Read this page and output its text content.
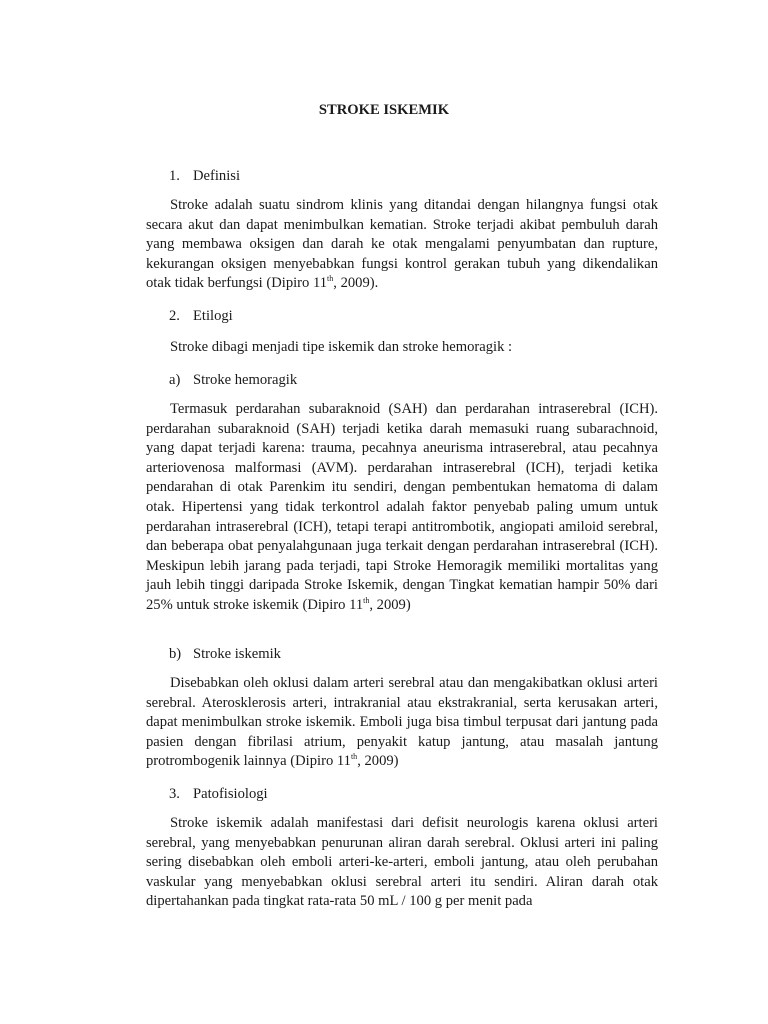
STROKE ISKEMIK
1. Definisi

Stroke adalah suatu sindrom klinis yang ditandai dengan hilangnya fungsi otak secara akut dan dapat menimbulkan kematian. Stroke terjadi akibat pembuluh darah yang membawa oksigen dan darah ke otak mengalami penyumbatan dan rupture, kekurangan oksigen menyebabkan fungsi kontrol gerakan tubuh yang dikendalikan otak tidak berfungsi (Dipiro 11th, 2009).

2. Etilogi

Stroke dibagi menjadi tipe iskemik dan stroke hemoragik :

a) Stroke hemoragik

Termasuk perdarahan subaraknoid (SAH) dan perdarahan intraserebral (ICH). perdarahan subaraknoid (SAH) terjadi ketika darah memasuki ruang subarachnoid, yang dapat terjadi karena: trauma, pecahnya aneurisma intraserebral, atau pecahnya arteriovenosa malformasi (AVM). perdarahan intraserebral (ICH), terjadi ketika pendarahan di otak Parenkim itu sendiri, dengan pembentukan hematoma di dalam otak. Hipertensi yang tidak terkontrol adalah faktor penyebab paling umum untuk perdarahan intraserebral (ICH), tetapi terapi antitrombotik, angiopati amiloid serebral, dan beberapa obat penyalahgunaan juga terkait dengan perdarahan intraserebral (ICH). Meskipun lebih jarang pada terjadi, tapi Stroke Hemoragik memiliki mortalitas yang jauh lebih tinggi daripada Stroke Iskemik, dengan Tingkat kematian hampir 50% dari 25% untuk stroke iskemik (Dipiro 11th, 2009)

b) Stroke iskemik

Disebabkan oleh oklusi dalam arteri serebral atau dan mengakibatkan oklusi arteri serebral. Aterosklerosis arteri, intrakranial atau ekstrakranial, serta kerusakan arteri, dapat menimbulkan stroke iskemik. Emboli juga bisa timbul terpusat dari jantung pada pasien dengan fibrilasi atrium, penyakit katup jantung, atau masalah jantung protrombogenik lainnya (Dipiro 11th, 2009)

3. Patofisiologi

Stroke iskemik adalah manifestasi dari defisit neurologis karena oklusi arteri serebral, yang menyebabkan penurunan aliran darah serebral. Oklusi arteri ini paling sering disebabkan oleh emboli arteri-ke-arteri, emboli jantung, atau oleh perubahan vaskular yang menyebabkan oklusi serebral arteri itu sendiri. Aliran darah otak dipertahankan pada tingkat rata-rata 50 mL / 100 g per menit pada
